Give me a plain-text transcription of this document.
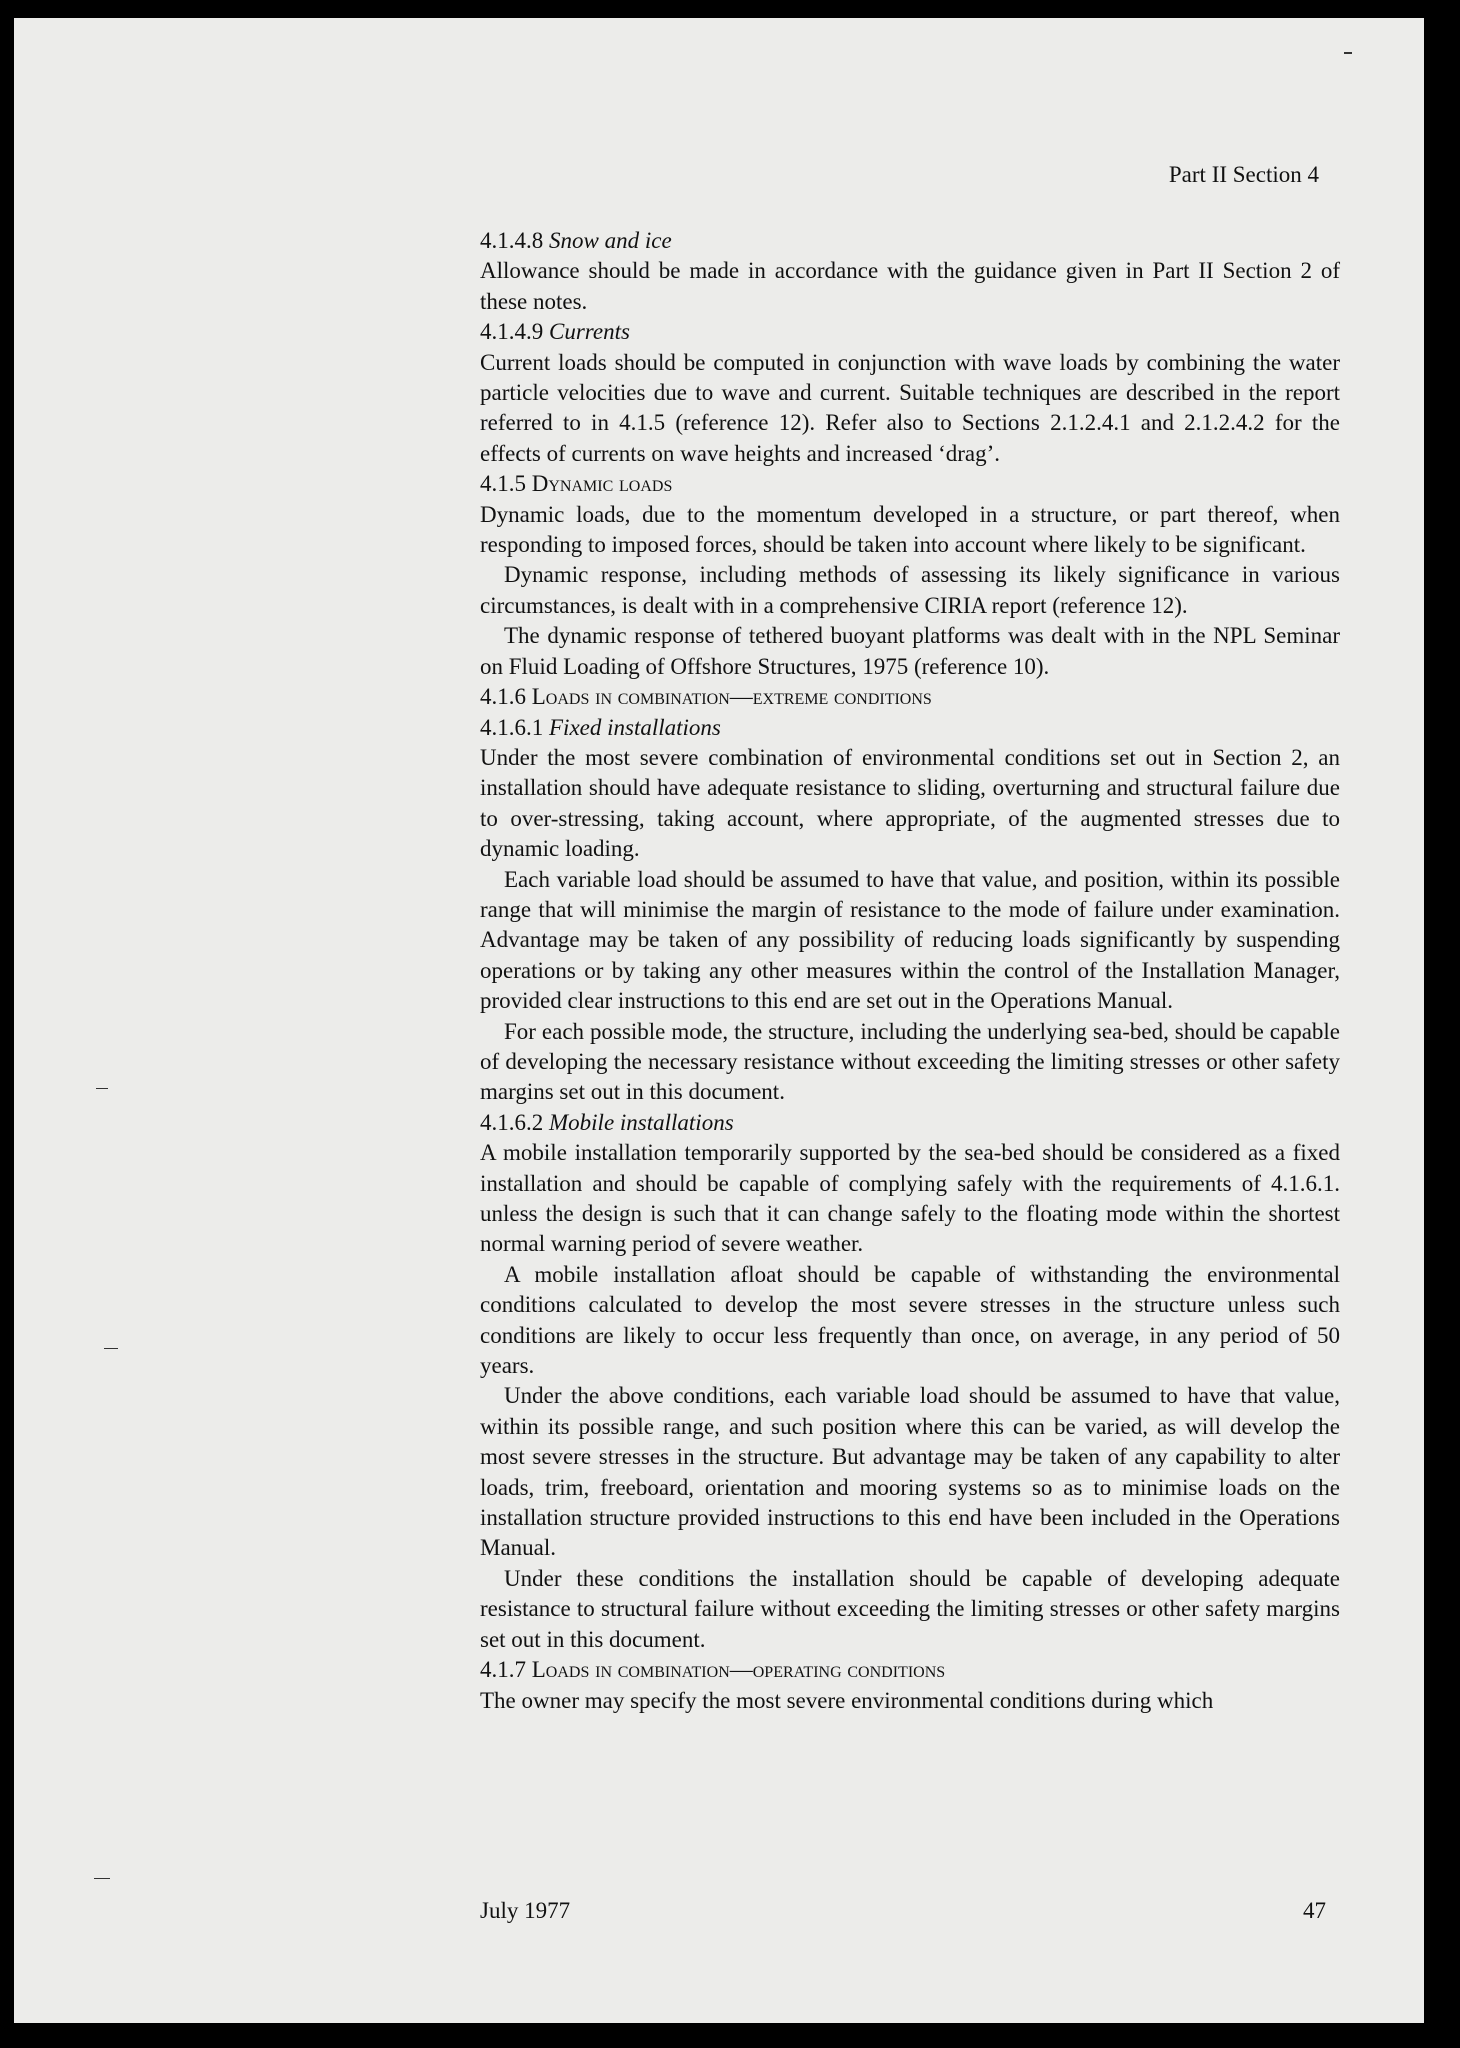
Part II Section 4
4.1.4.8 Snow and ice

Allowance should be made in accordance with the guidance given in Part II Section 2 of these notes.

4.1.4.9 Currents

Current loads should be computed in conjunction with wave loads by combining the water particle velocities due to wave and current. Suitable techniques are described in the report referred to in 4.1.5 (reference 12). Refer also to Sections 2.1.2.4.1 and 2.1.2.4.2 for the effects of currents on wave heights and increased ‘drag’.

4.1.5 Dynamic loads

Dynamic loads, due to the momentum developed in a structure, or part thereof, when responding to imposed forces, should be taken into account where likely to be significant.

Dynamic response, including methods of assessing its likely significance in various circumstances, is dealt with in a comprehensive CIRIA report (reference 12).

The dynamic response of tethered buoyant platforms was dealt with in the NPL Seminar on Fluid Loading of Offshore Structures, 1975 (reference 10).

4.1.6 Loads in combination—extreme conditions
4.1.6.1 Fixed installations

Under the most severe combination of environmental conditions set out in Section 2, an installation should have adequate resistance to sliding, overturning and structural failure due to over-stressing, taking account, where appropriate, of the augmented stresses due to dynamic loading.

Each variable load should be assumed to have that value, and position, within its possible range that will minimise the margin of resistance to the mode of failure under examination. Advantage may be taken of any possibility of reducing loads significantly by suspending operations or by taking any other measures within the control of the Installation Manager, provided clear instructions to this end are set out in the Operations Manual.

For each possible mode, the structure, including the underlying sea-bed, should be capable of developing the necessary resistance without exceeding the limiting stresses or other safety margins set out in this document.

4.1.6.2 Mobile installations

A mobile installation temporarily supported by the sea-bed should be considered as a fixed installation and should be capable of complying safely with the requirements of 4.1.6.1. unless the design is such that it can change safely to the floating mode within the shortest normal warning period of severe weather.

A mobile installation afloat should be capable of withstanding the environmental conditions calculated to develop the most severe stresses in the structure unless such conditions are likely to occur less frequently than once, on average, in any period of 50 years.

Under the above conditions, each variable load should be assumed to have that value, within its possible range, and such position where this can be varied, as will develop the most severe stresses in the structure. But advantage may be taken of any capability to alter loads, trim, freeboard, orientation and mooring systems so as to minimise loads on the installation structure provided instructions to this end have been included in the Operations Manual.

Under these conditions the installation should be capable of developing adequate resistance to structural failure without exceeding the limiting stresses or other safety margins set out in this document.

4.1.7 Loads in combination—operating conditions

The owner may specify the most severe environmental conditions during which

July 1977	47
